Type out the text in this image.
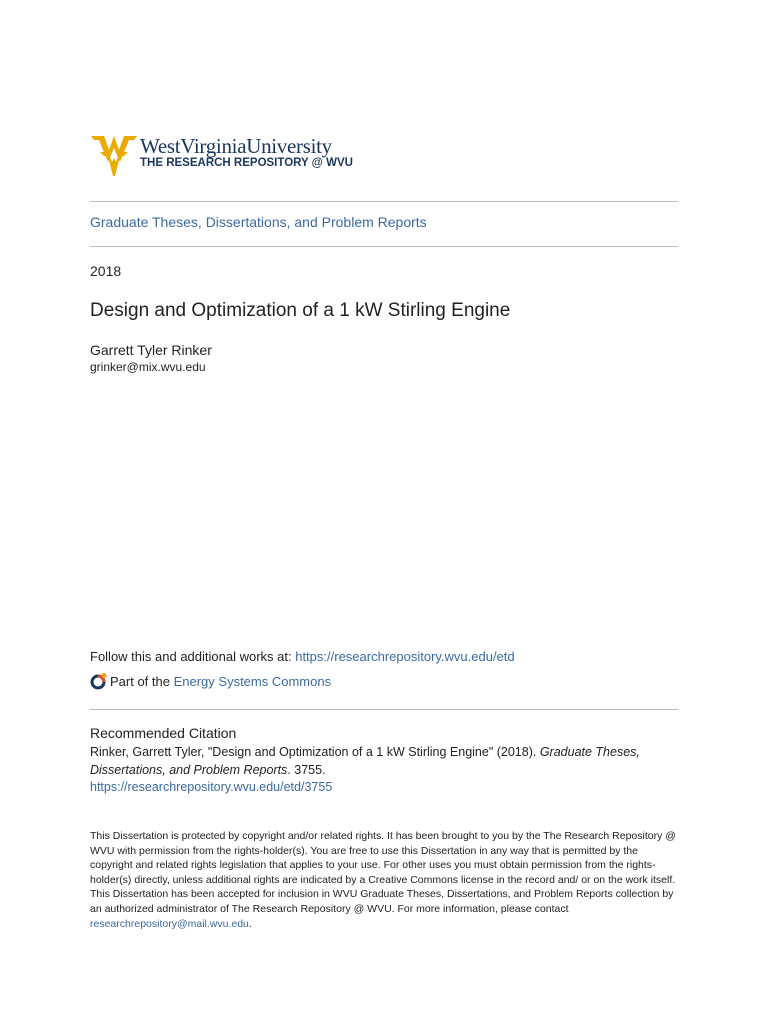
WestVirginiaUniversity
THE RESEARCH REPOSITORY @ WVU
Graduate Theses, Dissertations, and Problem Reports
2018
Design and Optimization of a 1 kW Stirling Engine
Garrett Tyler Rinker
grinker@mix.wvu.edu
Follow this and additional works at: https://researchrepository.wvu.edu/etd
Part of the Energy Systems Commons
Recommended Citation
Rinker, Garrett Tyler, "Design and Optimization of a 1 kW Stirling Engine" (2018). Graduate Theses, Dissertations, and Problem Reports. 3755.
https://researchrepository.wvu.edu/etd/3755
This Dissertation is protected by copyright and/or related rights. It has been brought to you by the The Research Repository @ WVU with permission from the rights-holder(s). You are free to use this Dissertation in any way that is permitted by the copyright and related rights legislation that applies to your use. For other uses you must obtain permission from the rights-holder(s) directly, unless additional rights are indicated by a Creative Commons license in the record and/ or on the work itself. This Dissertation has been accepted for inclusion in WVU Graduate Theses, Dissertations, and Problem Reports collection by an authorized administrator of The Research Repository @ WVU. For more information, please contact researchrepository@mail.wvu.edu.
